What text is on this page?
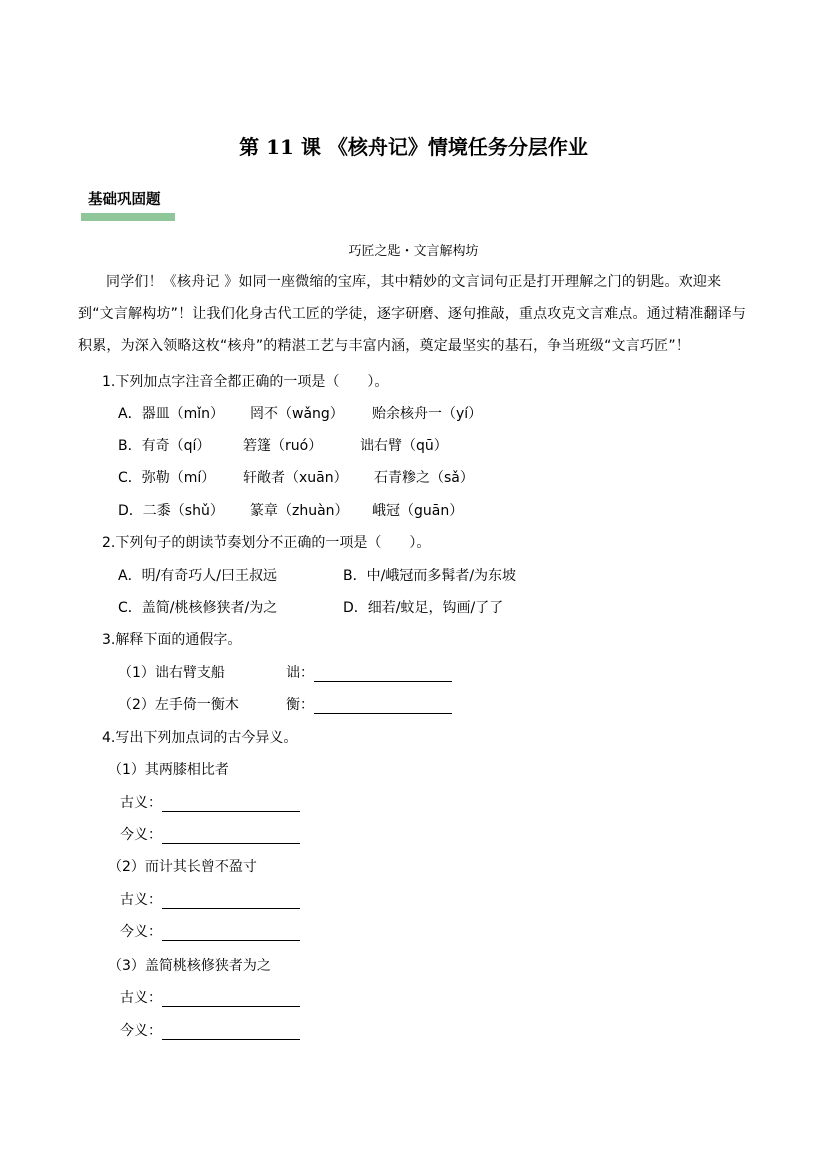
第 11 课 《核舟记》情境任务分层作业
基础巩固题
巧匠之匙・文言解构坊
同学们！《核舟记 》如同一座微缩的宝库，其中精妙的文言词句正是打开理解之门的钥匙。欢迎来到“文言解构坊”！让我们化身古代工匠的学徒，逐字研磨、逐句推敲，重点攻克文言难点。通过精准翻译与积累，为深入领略这枚“核舟”的精湛工艺与丰富内涵，奠定最坚实的基石，争当班级“文言巧匠”！
1.下列加点字注音全都正确的一项是（　　）。
A．器皿（mǐn） 罔不（wǎng） 贻余核舟一（yí）
B．有奇（qí） 箬篷（ruó）	诎右臂（qū）
C．弥勒（mí） 轩敞者（xuān） 石青糁之（sǎ）
D．二黍（shǔ） 篆章（zhuàn） 峨冠（guān）
2.下列句子的朗读节奏划分不正确的一项是（　　）。
A．明/有奇巧人/曰王叔远	B．中/峨冠而多髯者/为东坡
C．盖简/桃核修狭者/为之	D．细若/蚊足，钩画/了了
3.解释下面的通假字。
（1）诎右臂支船	诎：
（2）左手倚一衡木	衡：
4.写出下列加点词的古今异义。
（1）其两膝相比者
古义：
今义：
（2）而计其长曾不盈寸
古义：
今义：
（3）盖简桃核修狭者为之
古义：
今义：
